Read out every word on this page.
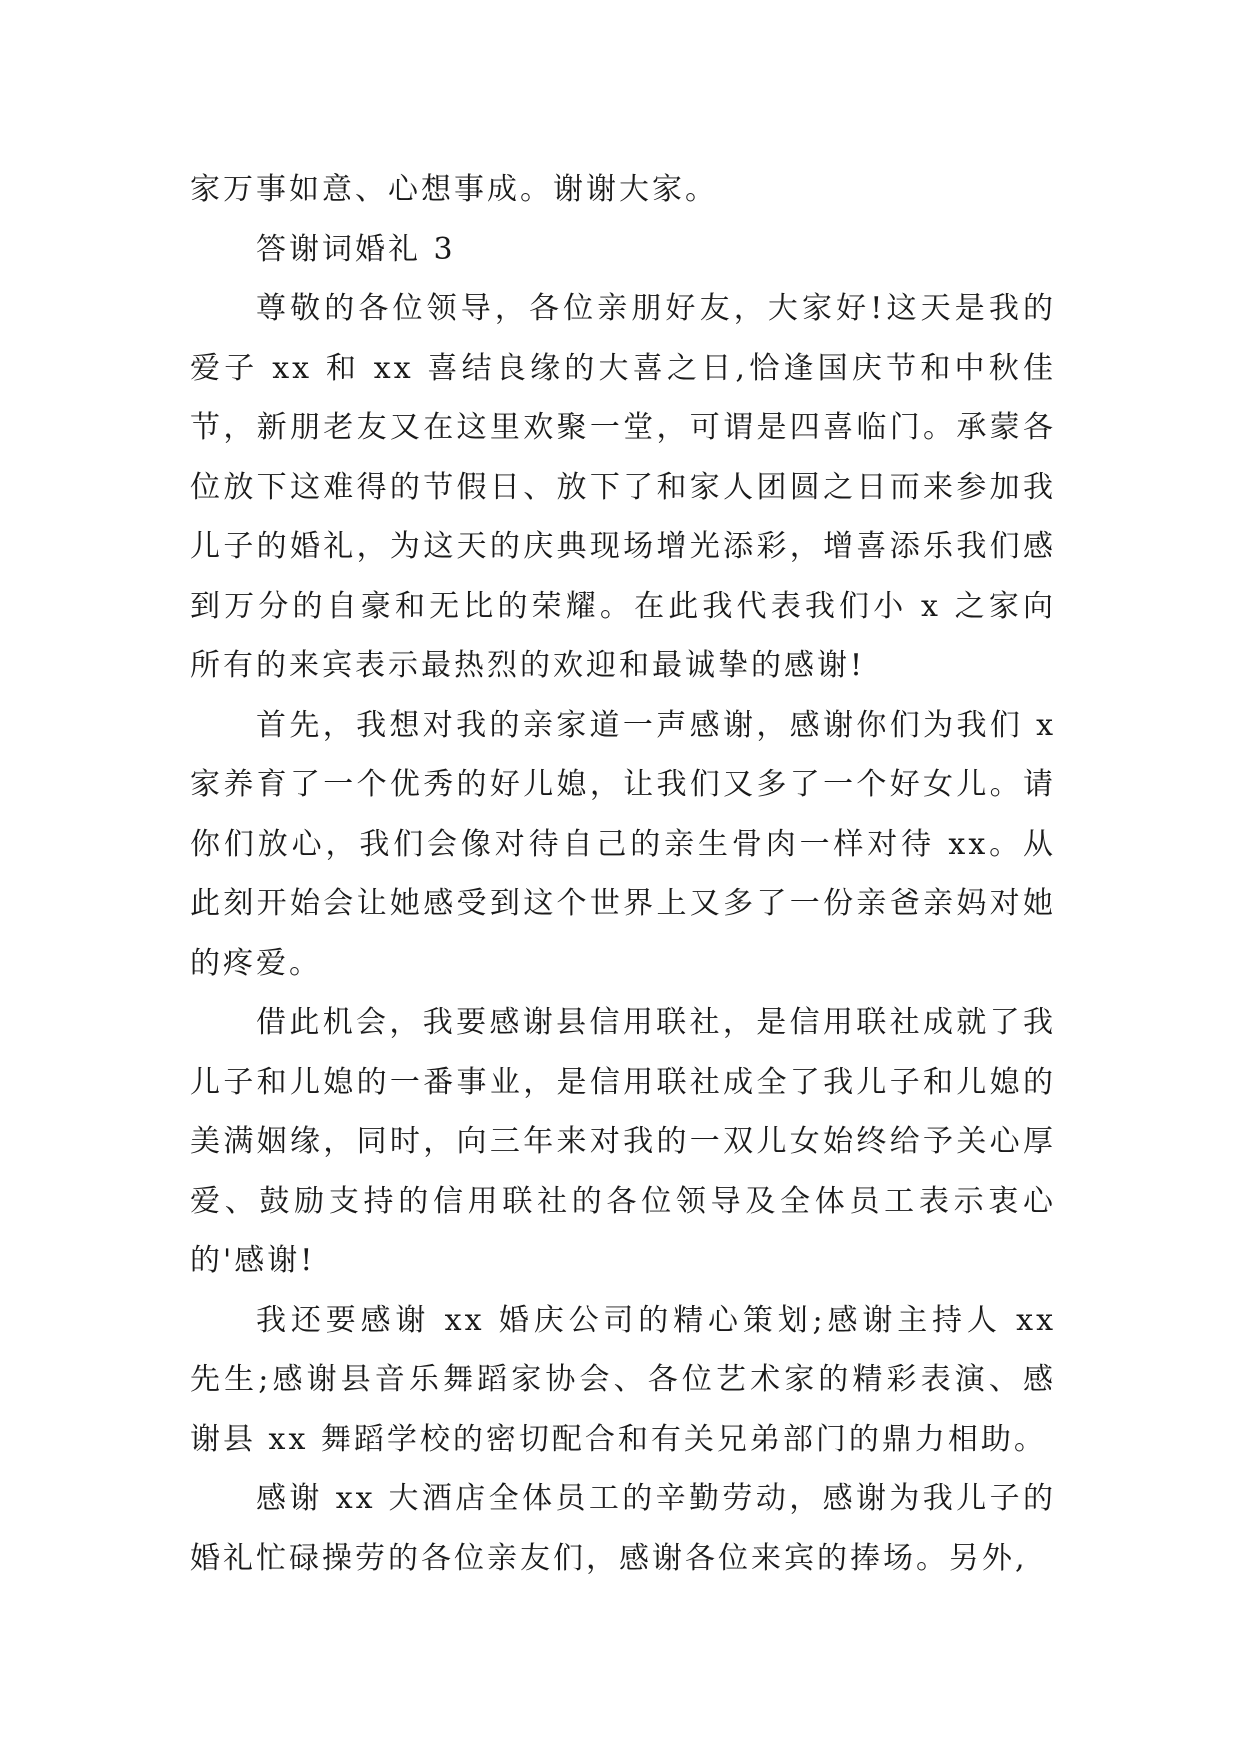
家万事如意、心想事成。谢谢大家。

答谢词婚礼 3

尊敬的各位领导，各位亲朋好友，大家好!这天是我的爱子 xx 和 xx 喜结良缘的大喜之日,恰逢国庆节和中秋佳节，新朋老友又在这里欢聚一堂，可谓是四喜临门。承蒙各位放下这难得的节假日、放下了和家人团圆之日而来参加我儿子的婚礼，为这天的庆典现场增光添彩，增喜添乐我们感到万分的自豪和无比的荣耀。在此我代表我们小 x 之家向所有的来宾表示最热烈的欢迎和最诚挚的感谢!

首先，我想对我的亲家道一声感谢，感谢你们为我们 x 家养育了一个优秀的好儿媳，让我们又多了一个好女儿。请你们放心，我们会像对待自己的亲生骨肉一样对待 xx。从此刻开始会让她感受到这个世界上又多了一份亲爸亲妈对她的疼爱。

借此机会，我要感谢县信用联社，是信用联社成就了我儿子和儿媳的一番事业，是信用联社成全了我儿子和儿媳的美满姻缘，同时，向三年来对我的一双儿女始终给予关心厚爱、鼓励支持的信用联社的各位领导及全体员工表示衷心的'感谢!

我还要感谢 xx 婚庆公司的精心策划;感谢主持人 xx 先生;感谢县音乐舞蹈家协会、各位艺术家的精彩表演、感谢县 xx 舞蹈学校的密切配合和有关兄弟部门的鼎力相助。

感谢 xx 大酒店全体员工的辛勤劳动，感谢为我儿子的婚礼忙碌操劳的各位亲友们，感谢各位来宾的捧场。另外,
